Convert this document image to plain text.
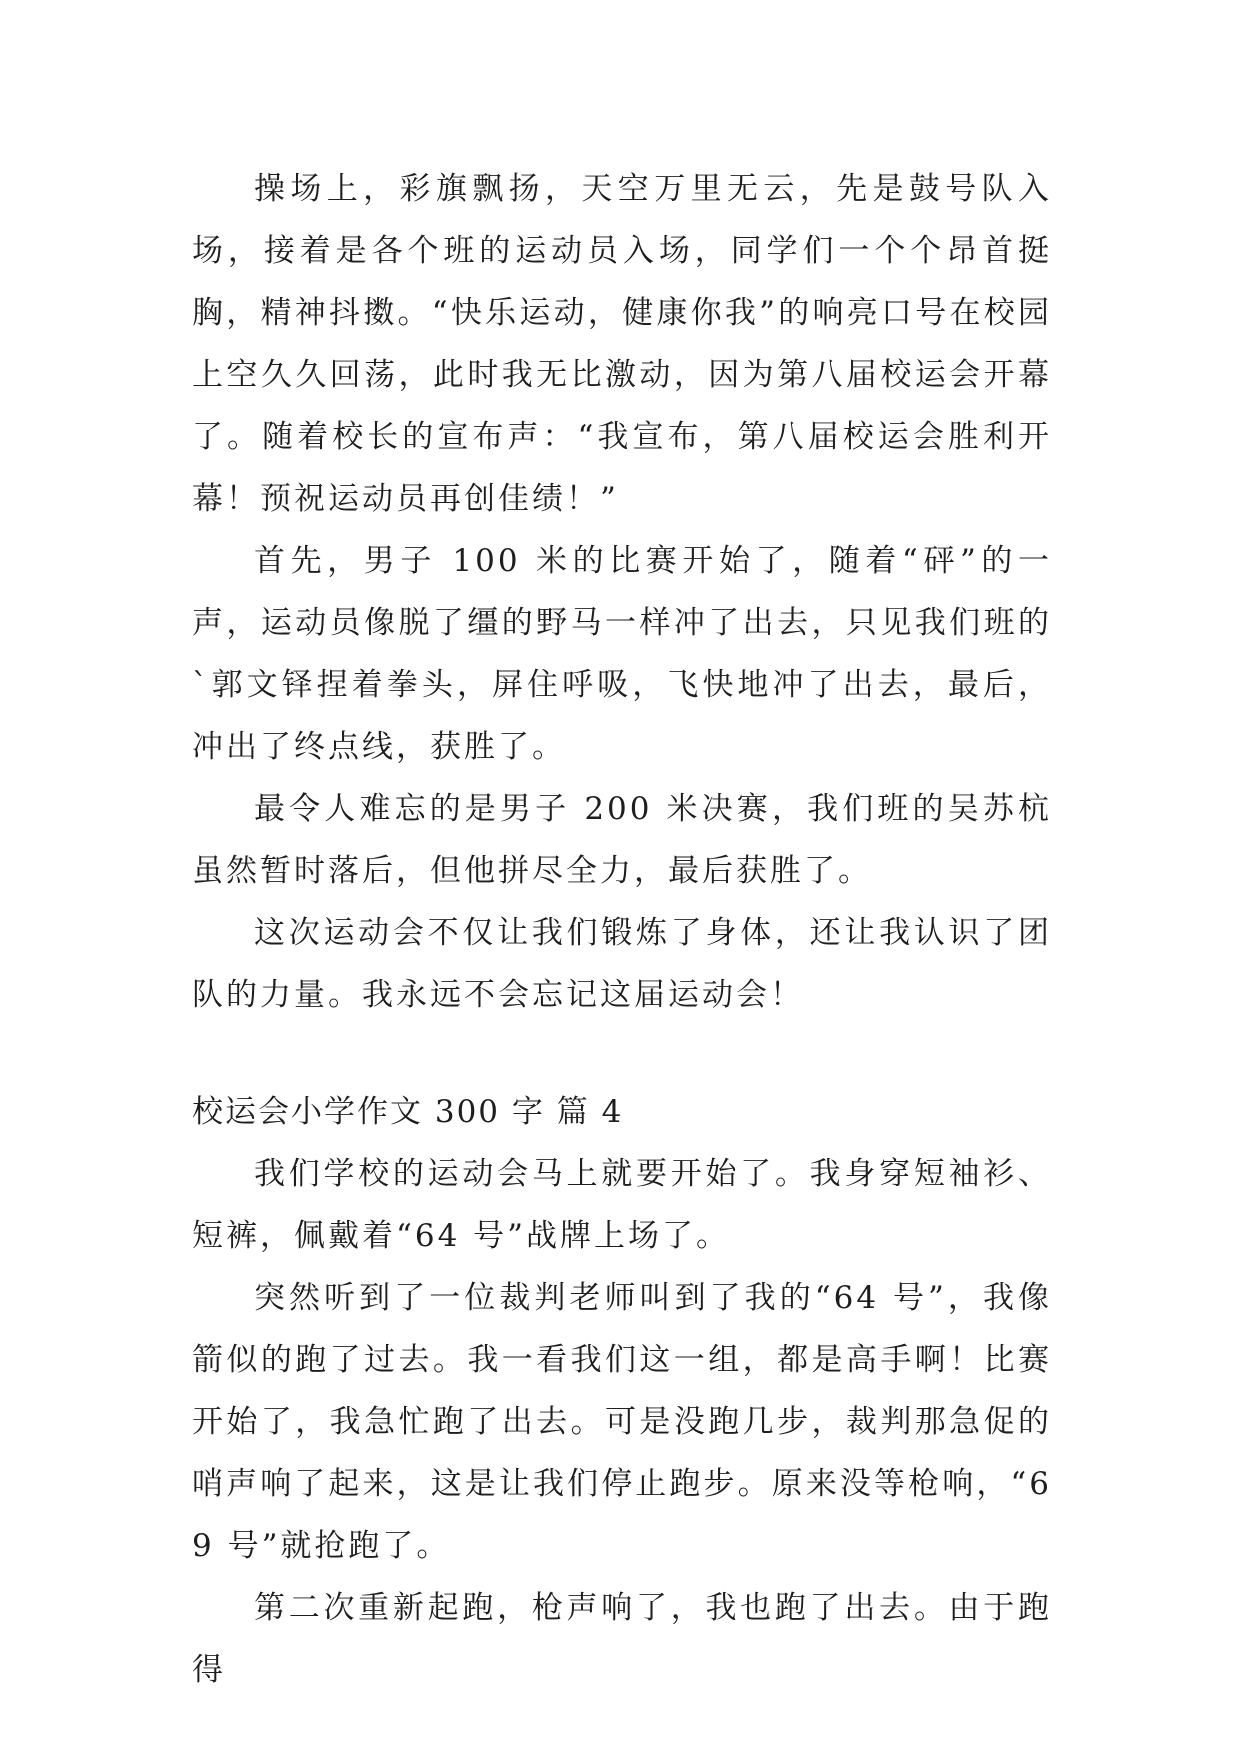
操场上，彩旗飘扬，天空万里无云，先是鼓号队入场，接着是各个班的运动员入场，同学们一个个昂首挺胸，精神抖擞。“快乐运动，健康你我”的响亮口号在校园上空久久回荡，此时我无比激动，因为第八届校运会开幕了。随着校长的宣布声：“我宣布，第八届校运会胜利开幕！预祝运动员再创佳绩！”

首先，男子 100 米的比赛开始了，随着“砰”的一声，运动员像脱了缰的野马一样冲了出去，只见我们班的`郭文铎捏着拳头，屏住呼吸，飞快地冲了出去，最后，冲出了终点线，获胜了。

最令人难忘的是男子 200 米决赛，我们班的吴苏杭虽然暂时落后，但他拼尽全力，最后获胜了。

这次运动会不仅让我们锻炼了身体，还让我认识了团队的力量。我永远不会忘记这届运动会！

校运会小学作文 300 字 篇 4

我们学校的运动会马上就要开始了。我身穿短袖衫、短裤，佩戴着“64 号”战牌上场了。

突然听到了一位裁判老师叫到了我的“64 号”，我像箭似的跑了过去。我一看我们这一组，都是高手啊！比赛开始了，我急忙跑了出去。可是没跑几步，裁判那急促的哨声响了起来，这是让我们停止跑步。原来没等枪响，“69 号”就抢跑了。

第二次重新起跑，枪声响了，我也跑了出去。由于跑得
